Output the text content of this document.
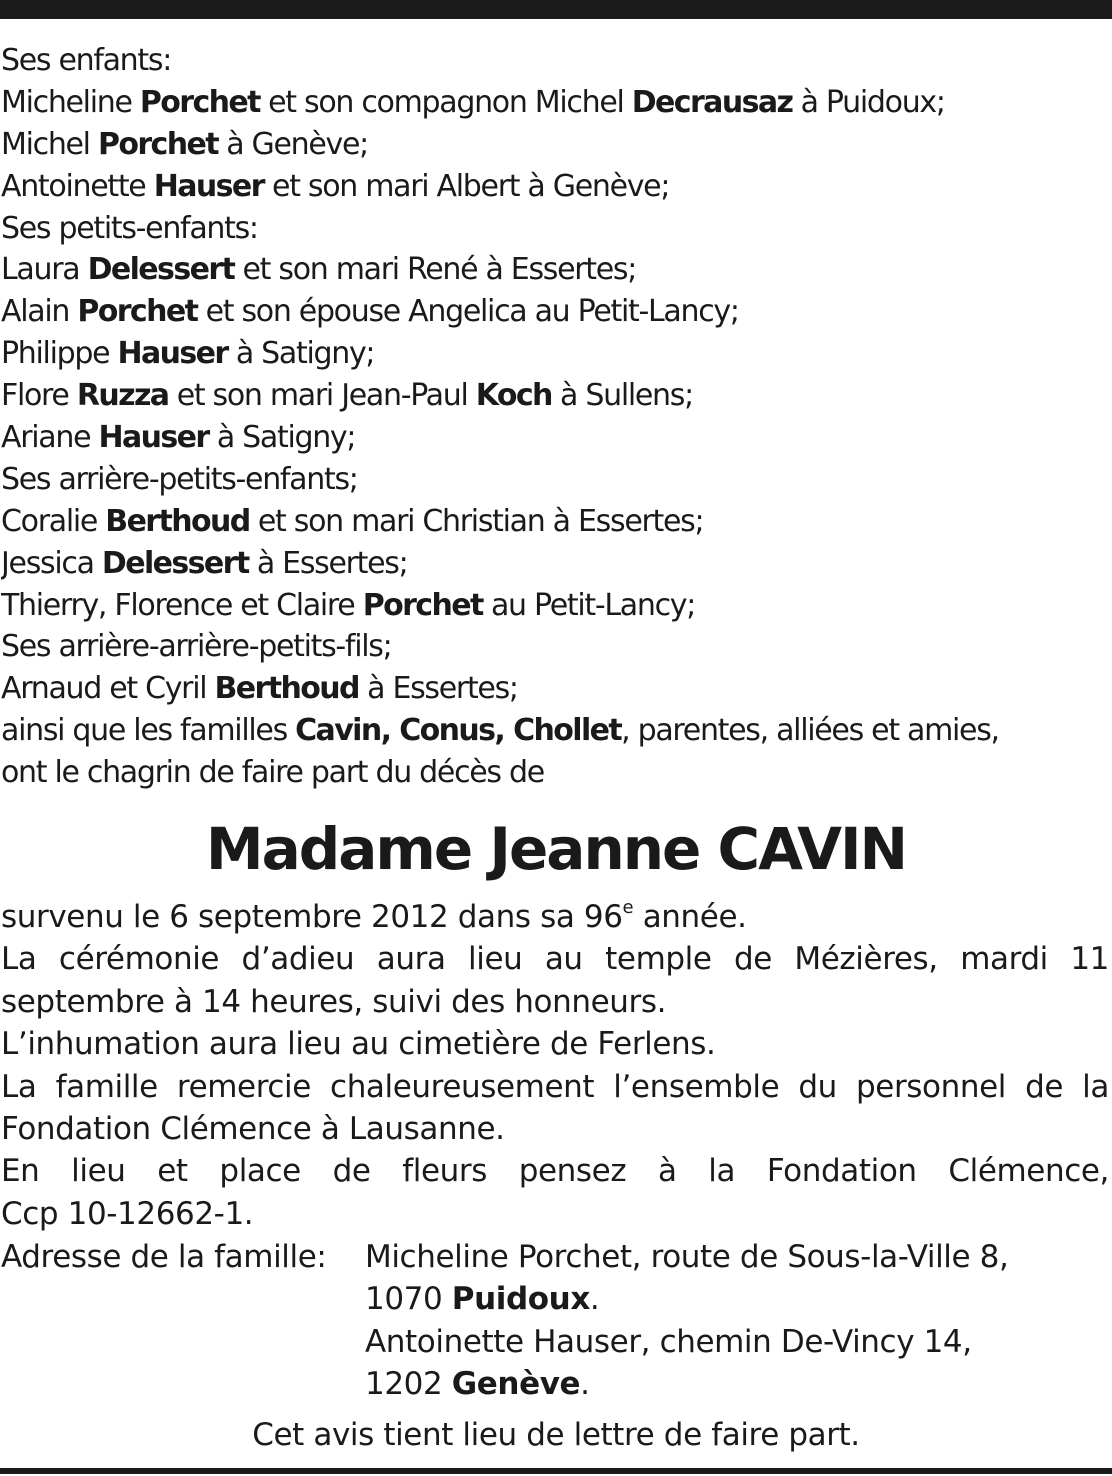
Ses enfants:
Micheline Porchet et son compagnon Michel Decrausaz à Puidoux;
Michel Porchet à Genève;
Antoinette Hauser et son mari Albert à Genève;
Ses petits-enfants:
Laura Delessert et son mari René à Essertes;
Alain Porchet et son épouse Angelica au Petit-Lancy;
Philippe Hauser à Satigny;
Flore Ruzza et son mari Jean-Paul Koch à Sullens;
Ariane Hauser à Satigny;
Ses arrière-petits-enfants;
Coralie Berthoud et son mari Christian à Essertes;
Jessica Delessert à Essertes;
Thierry, Florence et Claire Porchet au Petit-Lancy;
Ses arrière-arrière-petits-fils;
Arnaud et Cyril Berthoud à Essertes;
ainsi que les familles Cavin, Conus, Chollet, parentes, alliées et amies,
ont le chagrin de faire part du décès de
Madame Jeanne CAVIN
survenu le 6 septembre 2012 dans sa 96e année.
La cérémonie d’adieu aura lieu au temple de Mézières, mardi 11 septembre à 14 heures, suivi des honneurs.
L’inhumation aura lieu au cimetière de Ferlens.
La famille remercie chaleureusement l’ensemble du personnel de la Fondation Clémence à Lausanne.
En lieu et place de fleurs pensez à la Fondation Clémence,
Ccp 10-12662-1.
Adresse de la famille: Micheline Porchet, route de Sous-la-Ville 8,
1070 Puidoux.
Antoinette Hauser, chemin De-Vincy 14,
1202 Genève.
Cet avis tient lieu de lettre de faire part.
